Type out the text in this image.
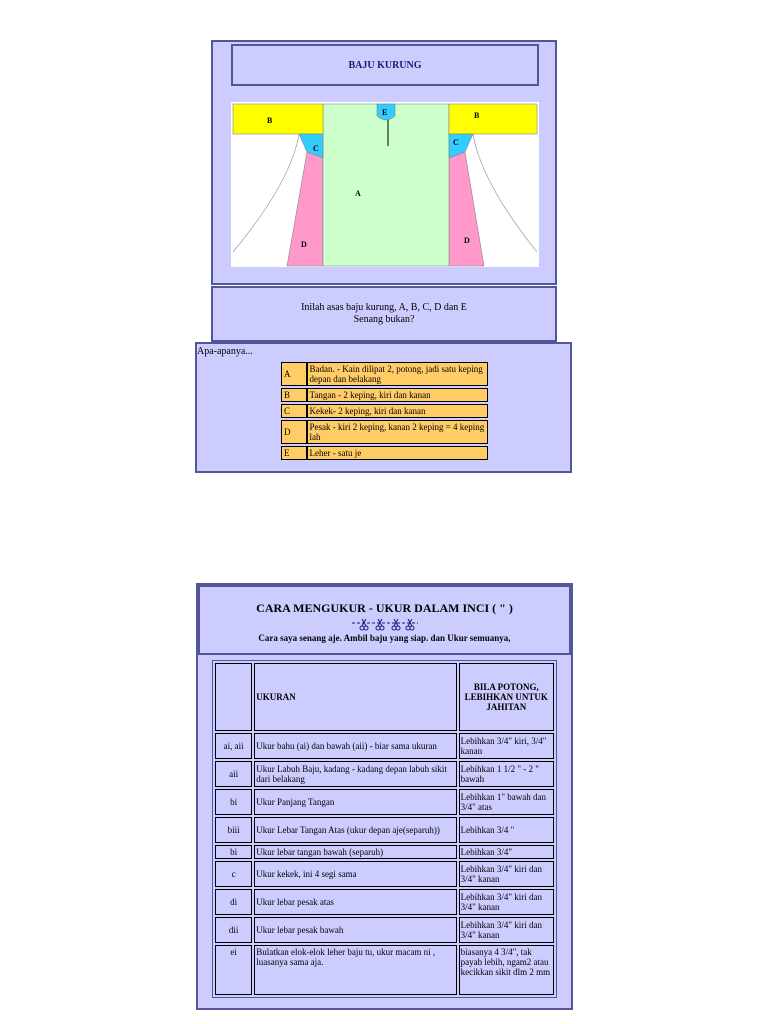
BAJU KURUNG
B
B
E
C
C
A
D	D
Inilah asas baju kurung, A, B, C, D dan E
Senang bukan?
Apa-apanya...
A	Badan. - Kain dilipat 2, potong, jadi satu keping depan dan belakang
B	Tangan - 2 keping, kiri dan kanan
C	Kekek- 2 keping, kiri dan kanan
D	Pesak - kiri 2 keping, kanan 2 keping = 4 keping lah
E	Leher - satu je
CARA MENGUKUR - UKUR DALAM INCI ( " )
Cara saya senang aje. Ambil baju yang siap. dan Ukur semuanya,
	UKURAN	BILA POTONG, LEBIHKAN UNTUK JAHITAN
ai, aii	Ukur bahu (ai) dan bawah (aii) - biar sama ukuran	Lebihkan 3/4" kiri, 3/4" kanan
aii	Ukur Labuh Baju, kadang - kadang depan labuh sikit dari belakang	Lebihkan 1 1/2 " - 2 " bawah
bi	Ukur Panjang Tangan	Lebihkan 1" bawah dan 3/4" atas
biii	Ukur Lebar Tangan Atas (ukur depan aje(separuh))	Lebihkan 3/4 "
bi	Ukur lebar tangan bawah (separuh)	Lebihkan 3/4"
c	Ukur kekek, ini 4 segi sama	Lebihkan 3/4" kiri dan 3/4" kanan
di	Ukur lebar pesak atas	Lebihkan 3/4" kiri dan 3/4" kanan
dii	Ukur lebar pesak bawah	Lebihkan 3/4" kiri dan 3/4" kanan
ei	Bulatkan elok-elok leher baju tu, ukur macam ni , luasanya sama aja.	biasanya 4 3/4", tak payah lebih, ngam2 atau kecikkan sikit dlm 2 mm
